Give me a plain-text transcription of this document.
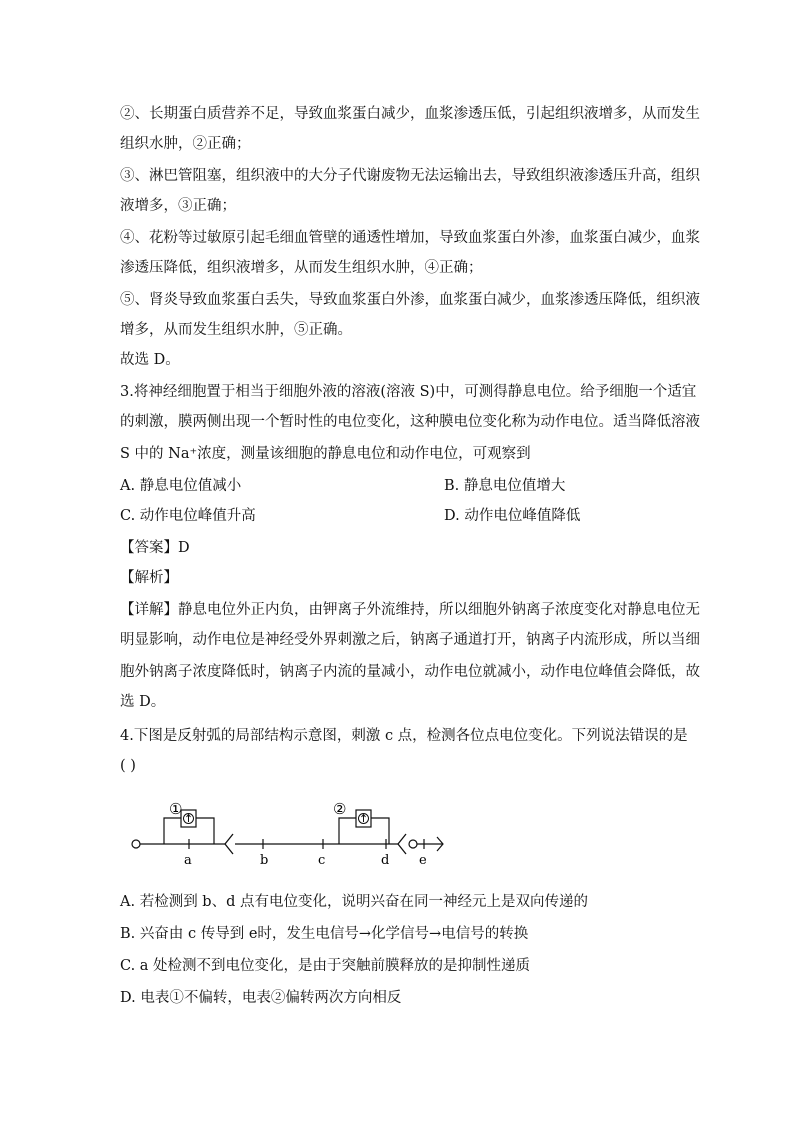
②、长期蛋白质营养不足，导致血浆蛋白减少，血浆渗透压低，引起组织液增多，从而发生
组织水肿，②正确；
③、淋巴管阻塞，组织液中的大分子代谢废物无法运输出去，导致组织液渗透压升高，组织
液增多，③正确；
④、花粉等过敏原引起毛细血管壁的通透性增加，导致血浆蛋白外渗，血浆蛋白减少，血浆
渗透压降低，组织液增多，从而发生组织水肿，④正确；
⑤、肾炎导致血浆蛋白丢失，导致血浆蛋白外渗，血浆蛋白减少，血浆渗透压降低，组织液
增多，从而发生组织水肿，⑤正确。
故选 D。
3.将神经细胞置于相当于细胞外液的溶液(溶液 S)中，可测得静息电位。给予细胞一个适宜
的刺激，膜两侧出现一个暂时性的电位变化，这种膜电位变化称为动作电位。适当降低溶液
S 中的 Na⁺浓度，测量该细胞的静息电位和动作电位，可观察到
A. 静息电位值减小	B. 静息电位值增大
C. 动作电位峰值升高	D. 动作电位峰值降低
【答案】D
【解析】
【详解】静息电位外正内负，由钾离子外流维持，所以细胞外钠离子浓度变化对静息电位无
明显影响，动作电位是神经受外界刺激之后，钠离子通道打开，钠离子内流形成，所以当细
胞外钠离子浓度降低时，钠离子内流的量减小，动作电位就减小，动作电位峰值会降低，故
选 D。
4.下图是反射弧的局部结构示意图，刺激 c 点，检测各位点电位变化。下列说法错误的是
( )
①	②
a	b	c	d e
A. 若检测到 b、d 点有电位变化，说明兴奋在同一神经元上是双向传递的
B. 兴奋由 c 传导到 e时，发生电信号→化学信号→电信号的转换
C. a 处检测不到电位变化，是由于突触前膜释放的是抑制性递质
D. 电表①不偏转，电表②偏转两次方向相反
